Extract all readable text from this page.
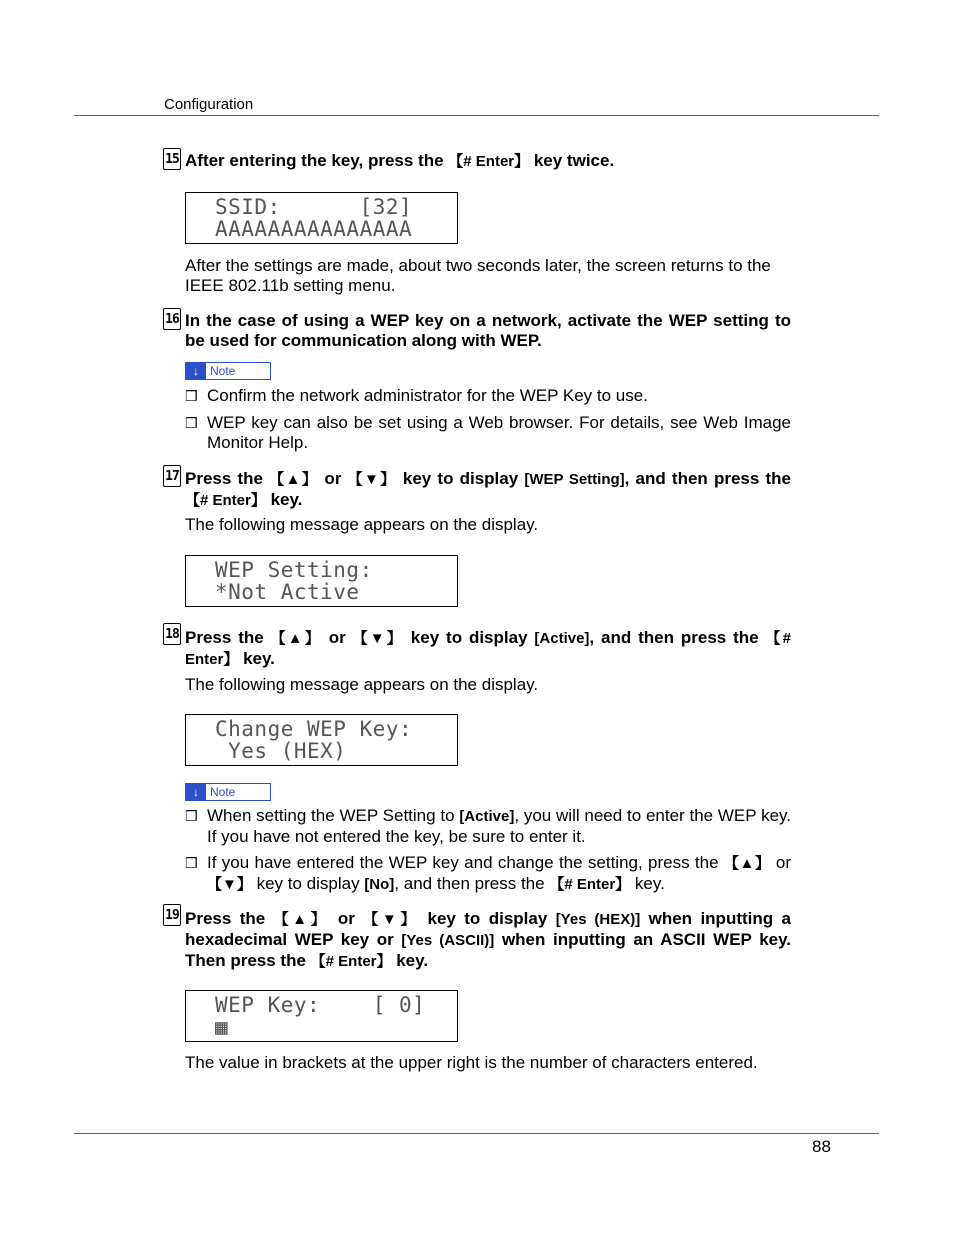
Configuration
15 After entering the key, press the 【# Enter】 key twice.
SSID:      [32]
AAAAAAAAAAAAAAA
After the settings are made, about two seconds later, the screen returns to the IEEE 802.11b setting menu.
16 In the case of using a WEP key on a network, activate the WEP setting to be used for communication along with WEP.
↓ Note
❒ Confirm the network administrator for the WEP Key to use.
❒ WEP key can also be set using a Web browser. For details, see Web Image Monitor Help.
17 Press the 【▲】 or 【▼】 key to display [WEP Setting], and then press the 【# Enter】 key.
The following message appears on the display.
WEP Setting:
*Not Active
18 Press the 【▲】 or 【▼】 key to display [Active], and then press the 【# Enter】 key.
The following message appears on the display.
Change WEP Key:
Yes (HEX)
↓ Note
❒ When setting the WEP Setting to [Active], you will need to enter the WEP key. If you have not entered the key, be sure to enter it.
❒ If you have entered the WEP key and change the setting, press the 【▲】 or 【▼】 key to display [No], and then press the 【# Enter】 key.
19 Press the 【▲】 or 【▼】 key to display [Yes (HEX)] when inputting a hexadecimal WEP key or [Yes (ASCII)] when inputting an ASCII WEP key. Then press the 【# Enter】 key.
WEP Key:    [ 0]
▦
The value in brackets at the upper right is the number of characters entered.
88
